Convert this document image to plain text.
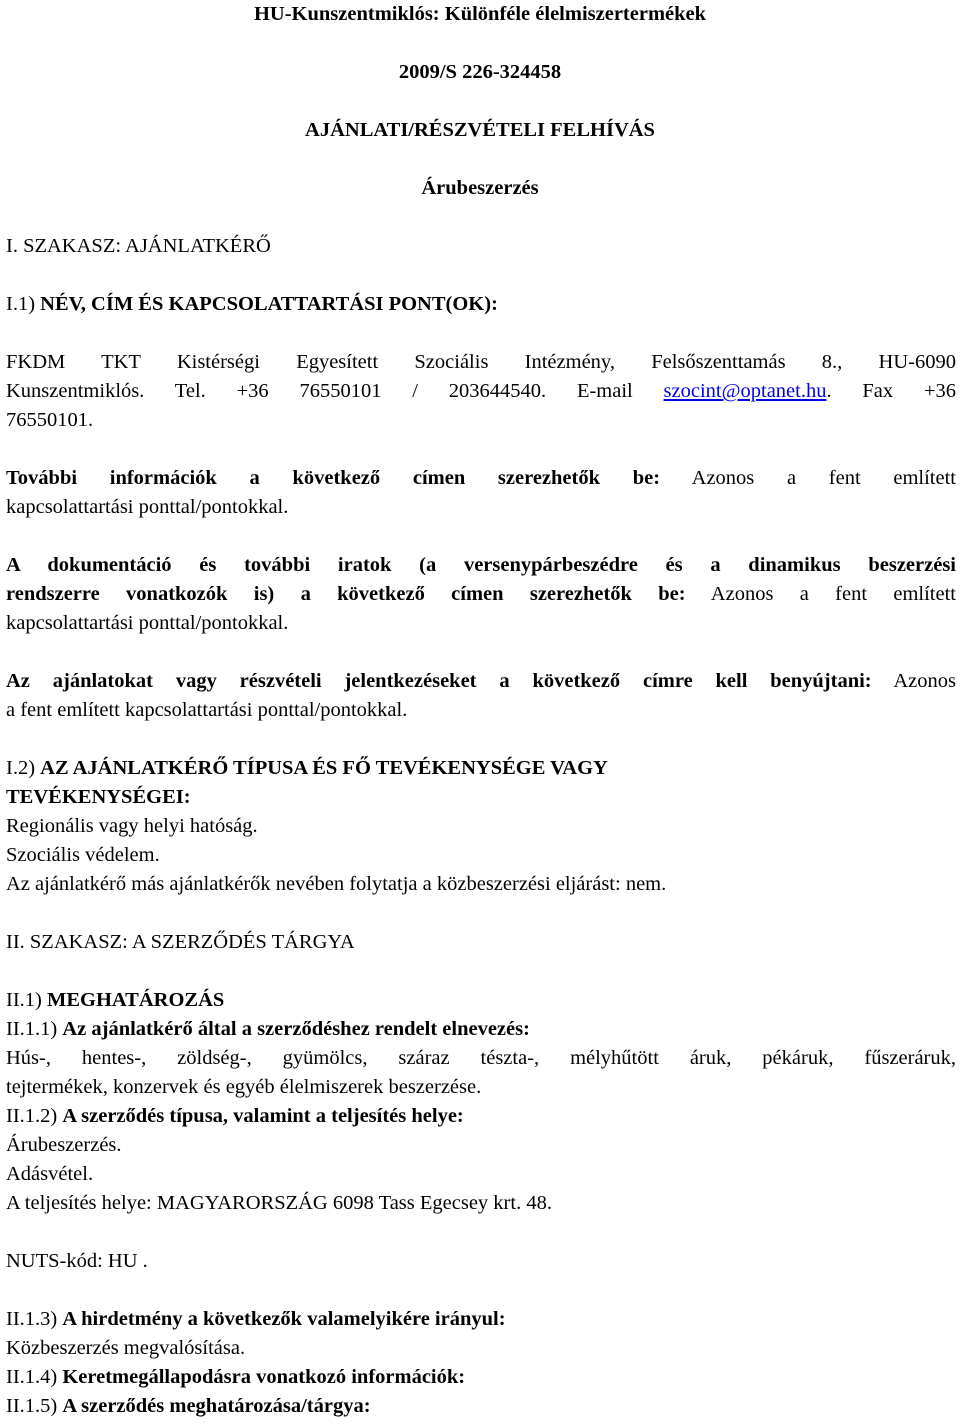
HU-Kunszentmiklós: Különféle élelmiszertermékek
2009/S 226-324458
AJÁNLATI/RÉSZVÉTELI FELHÍVÁS
Árubeszerzés
I. SZAKASZ: AJÁNLATKÉRŐ
I.1) NÉV, CÍM ÉS KAPCSOLATTARTÁSI PONT(OK):
FKDM TKT Kistérségi Egyesített Szociális Intézmény, Felsőszenttamás 8., HU-6090
Kunszentmiklós. Tel. +36 76550101 / 203644540. E-mail szocint@optanet.hu. Fax +36
76550101.
További információk a következő címen szerezhetők be: Azonos a fent említett
kapcsolattartási ponttal/pontokkal.
A dokumentáció és további iratok (a versenypárbeszédre és a dinamikus beszerzési
rendszerre vonatkozók is) a következő címen szerezhetők be: Azonos a fent említett
kapcsolattartási ponttal/pontokkal.
Az ajánlatokat vagy részvételi jelentkezéseket a következő címre kell benyújtani: Azonos
a fent említett kapcsolattartási ponttal/pontokkal.
I.2) AZ AJÁNLATKÉRŐ TÍPUSA ÉS FŐ TEVÉKENYSÉGE VAGY
TEVÉKENYSÉGEI:
Regionális vagy helyi hatóság.
Szociális védelem.
Az ajánlatkérő más ajánlatkérők nevében folytatja a közbeszerzési eljárást: nem.
II. SZAKASZ: A SZERZŐDÉS TÁRGYA
II.1) MEGHATÁROZÁS
II.1.1) Az ajánlatkérő által a szerződéshez rendelt elnevezés:
Hús-, hentes-, zöldség-, gyümölcs, száraz tészta-, mélyhűtött áruk, pékáruk, fűszeráruk,
tejtermékek, konzervek és egyéb élelmiszerek beszerzése.
II.1.2) A szerződés típusa, valamint a teljesítés helye:
Árubeszerzés.
Adásvétel.
A teljesítés helye: MAGYARORSZÁG 6098 Tass Egecsey krt. 48.
NUTS-kód: HU .
II.1.3) A hirdetmény a következők valamelyikére irányul:
Közbeszerzés megvalósítása.
II.1.4) Keretmegállapodásra vonatkozó információk:
II.1.5) A szerződés meghatározása/tárgya:
